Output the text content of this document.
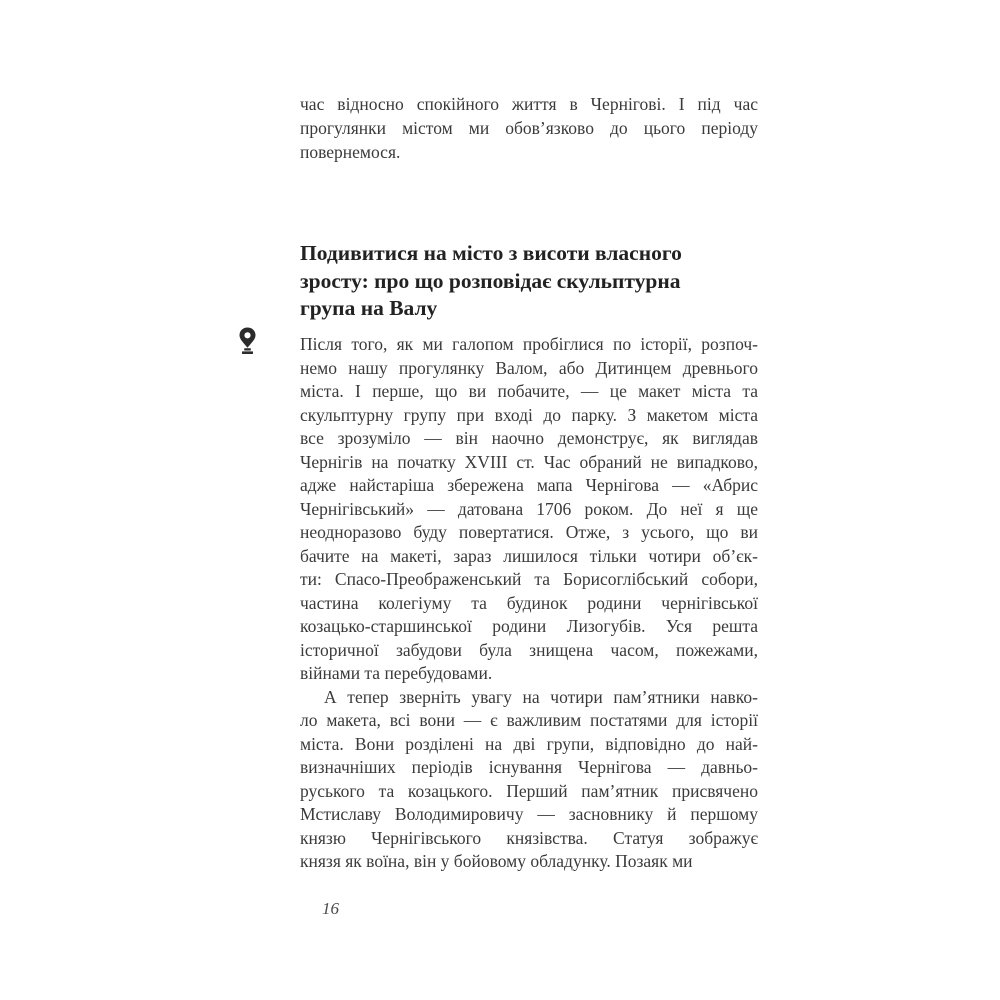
час відносно спокійного життя в Чернігові. І під час
прогулянки містом ми обов’язково до цього періоду
повернемося.
Подивитися на місто з висоти власного
зросту: про що розповідає скульптурна
група на Валу
Після того, як ми галопом пробіглися по історії, розпоч-
немо нашу прогулянку Валом, або Дитинцем древнього
міста. І перше, що ви побачите, — це макет міста та
скульптурну групу при вході до парку. З макетом міста
все зрозуміло — він наочно демонструє, як виглядав
Чернігів на початку XVIII ст. Час обраний не випадково,
адже найстаріша збережена мапа Чернігова — «Абрис
Чернігівський» — датована 1706 роком. До неї я ще
неодноразово буду повертатися. Отже, з усього, що ви
бачите на макеті, зараз лишилося тільки чотири об’єк-
ти: Спасо-Преображенський та Борисоглібський собори,
частина колегіуму та будинок родини чернігівської
козацько-старшинської родини Лизогубів. Уся решта
історичної забудови була знищена часом, пожежами,
війнами та перебудовами.
А тепер зверніть увагу на чотири пам’ятники навко-
ло макета, всі вони — є важливим постатями для історії
міста. Вони розділені на дві групи, відповідно до най-
визначніших періодів існування Чернігова — давньо-
руського та козацького. Перший пам’ятник присвячено
Мстиславу Володимировичу — засновнику й першому
князю Чернігівського князівства. Статуя зображує
князя як воїна, він у бойовому обладунку. Позаяк ми
16
